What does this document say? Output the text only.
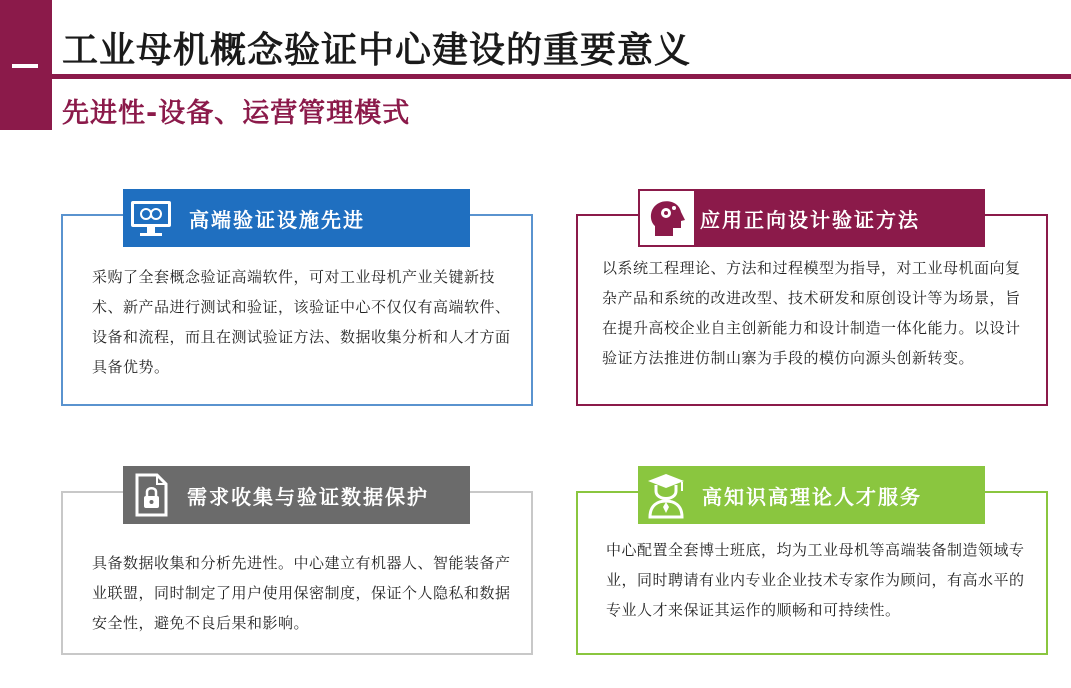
工业母机概念验证中心建设的重要意义
先进性-设备、运营管理模式
采购了全套概念验证高端软件，可对工业母机产业关键新技术、新产品进行测试和验证，该验证中心不仅仅有高端软件、设备和流程，而且在测试验证方法、数据收集分析和人才方面具备优势。
高端验证设施先进
以系统工程理论、方法和过程模型为指导，对工业母机面向复杂产品和系统的改进改型、技术研发和原创设计等为场景，旨在提升高校企业自主创新能力和设计制造一体化能力。以设计验证方法推进仿制山寨为手段的模仿向源头创新转变。
应用正向设计验证方法
具备数据收集和分析先进性。中心建立有机器人、智能装备产业联盟，同时制定了用户使用保密制度，保证个人隐私和数据安全性，避免不良后果和影响。
需求收集与验证数据保护
中心配置全套博士班底，均为工业母机等高端装备制造领域专业，同时聘请有业内专业企业技术专家作为顾问，有高水平的专业人才来保证其运作的顺畅和可持续性。
高知识高理论人才服务
